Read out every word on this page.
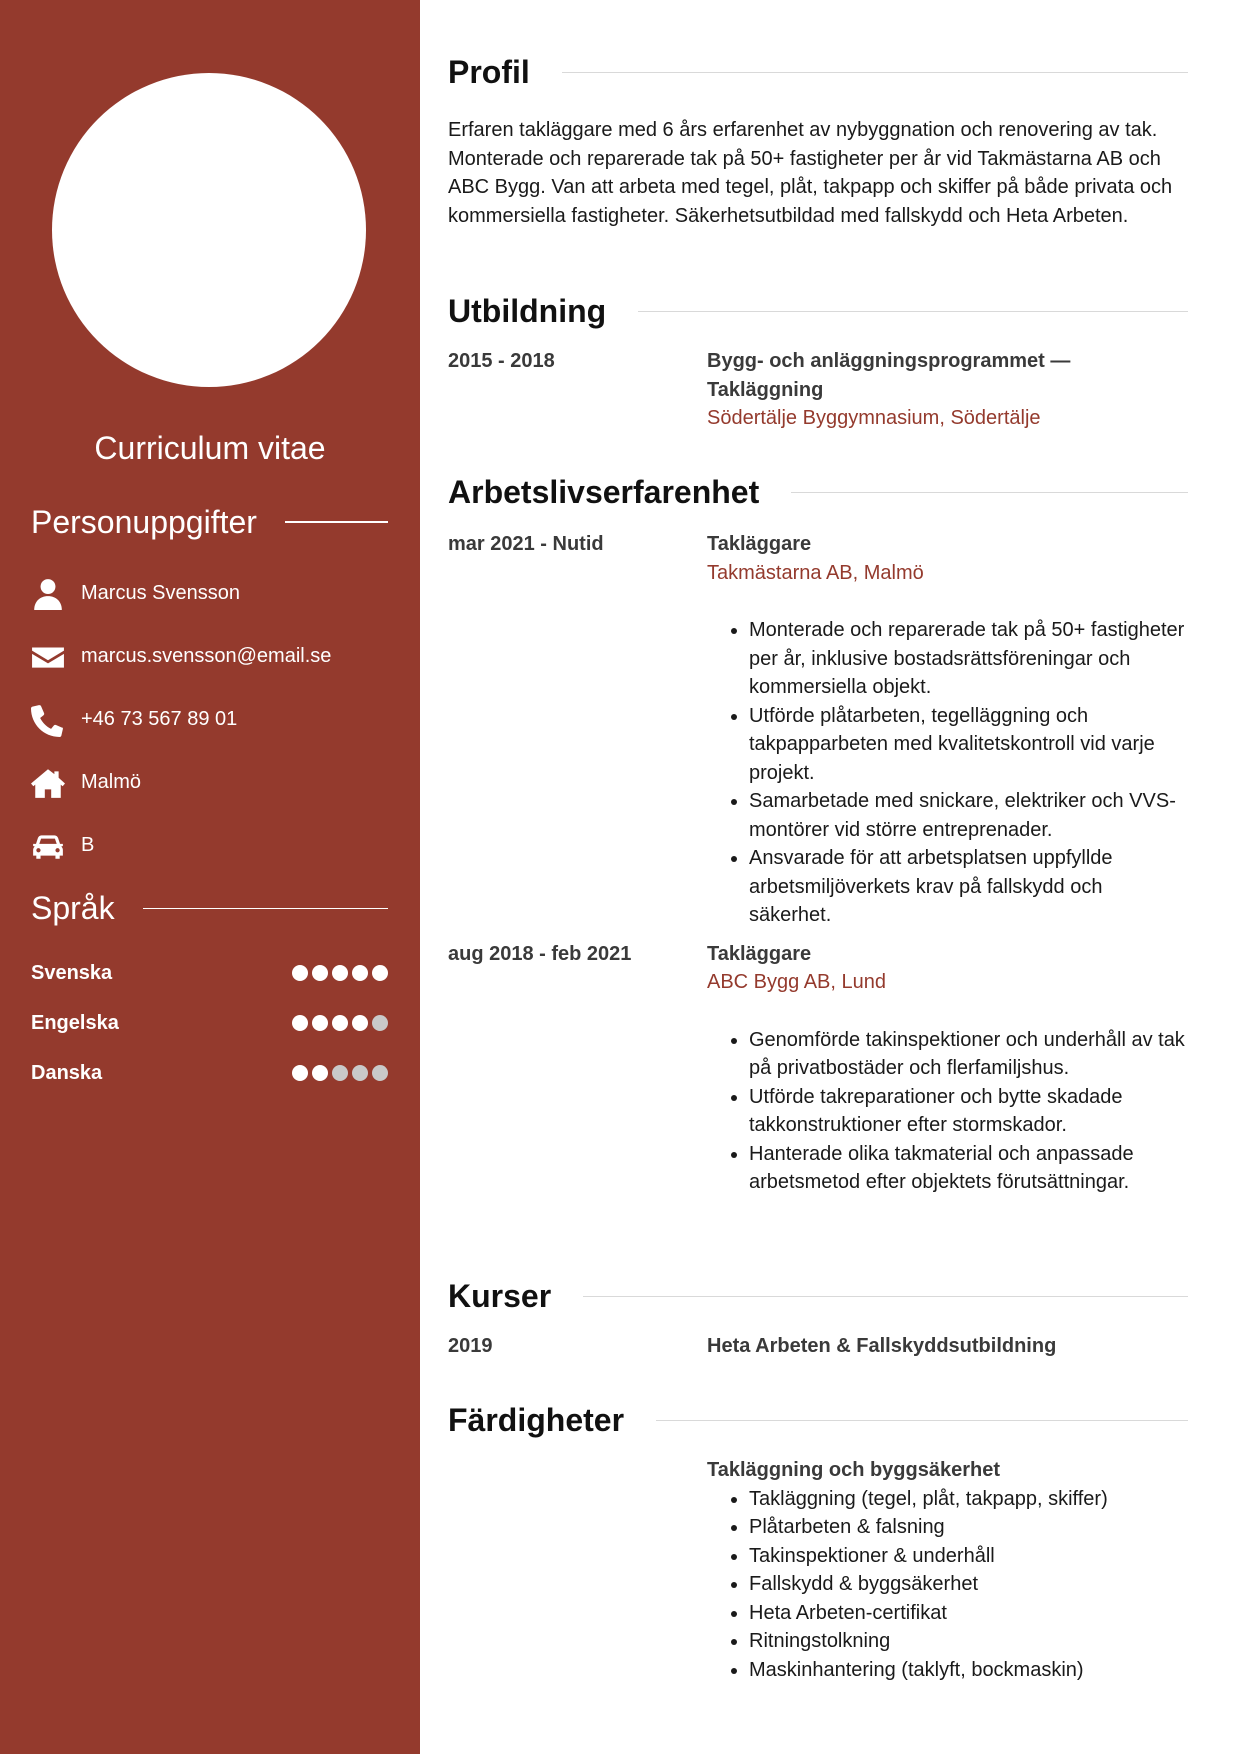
Curriculum vitae
Personuppgifter
Marcus Svensson
marcus.svensson@email.se
+46 73 567 89 01
Malmö
B
Språk
Svenska
Engelska
Danska
Profil
Erfaren takläggare med 6 års erfarenhet av nybyggnation och renovering av tak. Monterade och reparerade tak på 50+ fastigheter per år vid Takmästarna AB och ABC Bygg. Van att arbeta med tegel, plåt, takpapp och skiffer på både privata och kommersiella fastigheter. Säkerhetsutbildad med fallskydd och Heta Arbeten.
Utbildning
2015 - 2018	Bygg- och anläggningsprogrammet — Takläggning
Södertälje Byggymnasium, Södertälje
Arbetslivserfarenhet
mar 2021 - Nutid	Takläggare
Takmästarna AB, Malmö
• Monterade och reparerade tak på 50+ fastigheter per år, inklusive bostadsrättsföreningar och kommersiella objekt.
• Utförde plåtarbeten, tegelläggning och takpapparbeten med kvalitetskontroll vid varje projekt.
• Samarbetade med snickare, elektriker och VVS-montörer vid större entreprenader.
• Ansvarade för att arbetsplatsen uppfyllde arbetsmiljöverkets krav på fallskydd och säkerhet.
aug 2018 - feb 2021	Takläggare
ABC Bygg AB, Lund
• Genomförde takinspektioner och underhåll av tak på privatbostäder och flerfamiljshus.
• Utförde takreparationer och bytte skadade takkonstruktioner efter stormskador.
• Hanterade olika takmaterial och anpassade arbetsmetod efter objektets förutsättningar.
Kurser
2019	Heta Arbeten & Fallskyddsutbildning
Färdigheter
Takläggning och byggsäkerhet
• Takläggning (tegel, plåt, takpapp, skiffer)
• Plåtarbeten & falsning
• Takinspektioner & underhåll
• Fallskydd & byggsäkerhet
• Heta Arbeten-certifikat
• Ritningstolkning
• Maskinhantering (taklyft, bockmaskin)
